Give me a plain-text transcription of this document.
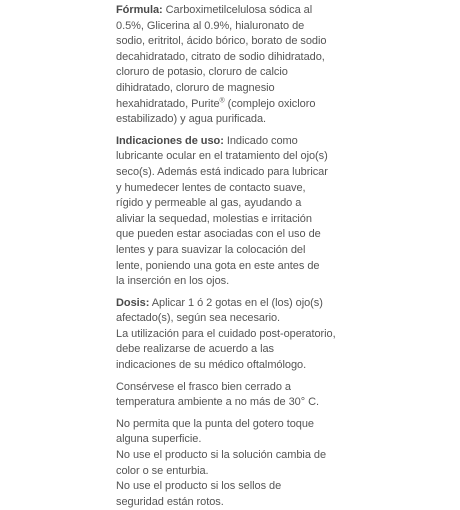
Fórmula: Carboximetilcelulosa sódica al
0.5%, Glicerina al 0.9%, hialuronato de
sodio, eritritol, ácido bórico, borato de sodio
decahidratado, citrato de sodio dihidratado,
cloruro de potasio, cloruro de calcio
dihidratado, cloruro de magnesio
hexahidratado, Purite® (complejo oxicloro
estabilizado) y agua purificada.

Indicaciones de uso: Indicado como
lubricante ocular en el tratamiento del ojo(s)
seco(s). Además está indicado para lubricar
y humedecer lentes de contacto suave,
rígido y permeable al gas, ayudando a
aliviar la sequedad, molestias e irritación
que pueden estar asociadas con el uso de
lentes y para suavizar la colocación del
lente, poniendo una gota en este antes de
la inserción en los ojos.

Dosis: Aplicar 1 ó 2 gotas en el (los) ojo(s)
afectado(s), según sea necesario.
La utilización para el cuidado post-operatorio,
debe realizarse de acuerdo a las
indicaciones de su médico oftalmólogo.

Consérvese el frasco bien cerrado a
temperatura ambiente a no más de 30° C.

No permita que la punta del gotero toque
alguna superficie.
No use el producto si la solución cambia de
color o se enturbia.
No use el producto si los sellos de
seguridad están rotos.
